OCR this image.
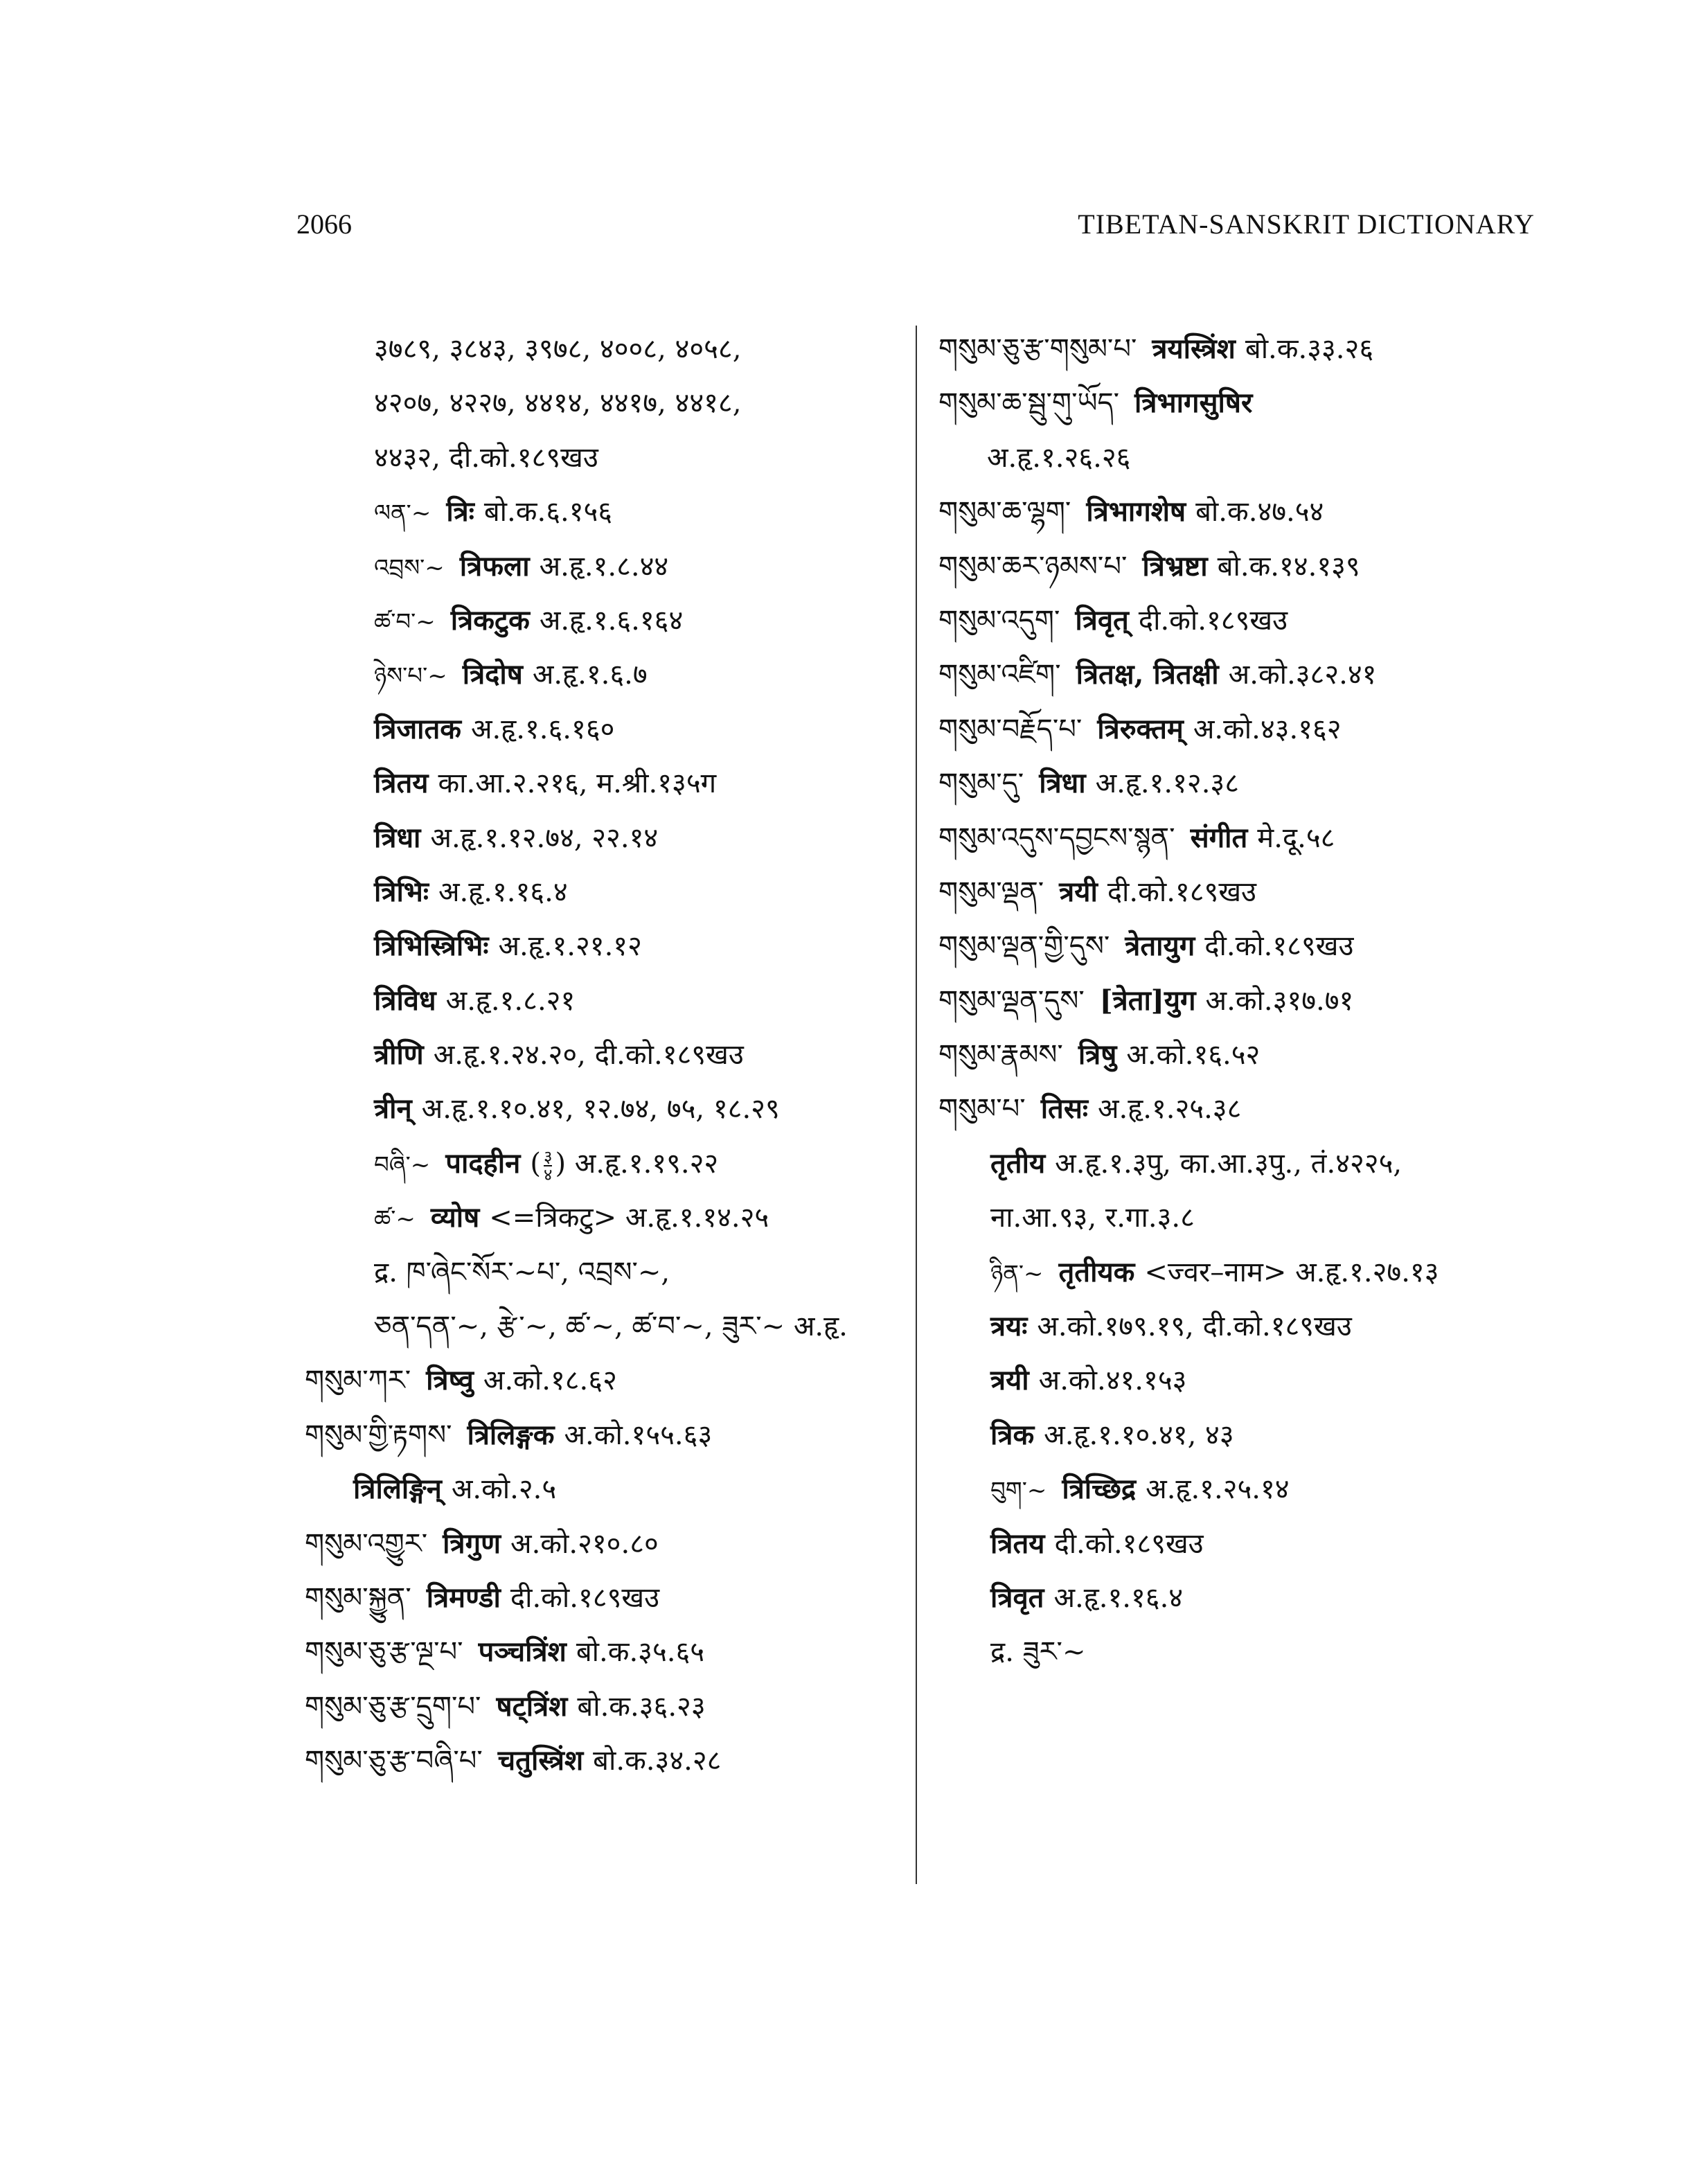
2066	TIBETAN-SANSKRIT DICTIONARY
३७८९, ३८४३, ३९७८, ४००८, ४०५८,
४२०७, ४२२७, ४४१४, ४४१७, ४४१८,
४४३२, दी.को.१८९खउ
ལན་~ त्रिः बो.क.६.१५६
འབྲས་~ त्रिफला अ.हृ.१.८.४४
ཚ་བ་~ त्रिकटुक अ.हृ.१.६.१६४
ཉེས་པ་~ त्रिदोष अ.हृ.१.६.७
त्रिजातक अ.हृ.१.६.१६०
त्रितय का.आ.२.२१६, म.श्री.१३५ग
त्रिधा अ.हृ.१.१२.७४, २२.१४
त्रिभिः अ.हृ.१.१६.४
त्रिभिस्त्रिभिः अ.हृ.१.२१.१२
त्रिविध अ.हृ.१.८.२१
त्रीणि अ.हृ.१.२४.२०, दी.को.१८९खउ
त्रीन् अ.हृ.१.१०.४१, १२.७४, ७५, १८.२९
བཞི་~ पादहीन ( $\frac{३}{४}$ ) अ.हृ.१.१९.२२
ཚ་~ व्योष <=त्रिकटु> अ.हृ.१.१४.२५
द्र. ཁ་ཞེང་སོར་~པ་, འབྲས་~,
ཅན་དན་~, རྩེ་~, ཚ་~, ཚ་བ་~, ཟུར་~ अ.हृ.
གསུམ་ཀར་ त्रिष्वु अ.को.१८.६२
གསུམ་གྱི་རྟགས་ त्रिलिङ्गक अ.को.१५५.६३
त्रिलिङ्गिन् अ.को.२.५
གསུམ་འགྱུར་ त्रिगुण अ.को.२१०.८०
གསུམ་སྐྱུན་ त्रिमण्डी दी.को.१८९खउ
གསུམ་ཅུ་རྩ་ལྔ་པ་ पञ्चत्रिंश बो.क.३५.६५
གསུམ་ཅུ་རྩ་དྲུག་པ་ षट्त्रिंश बो.क.३६.२३
གསུམ་ཅུ་རྩ་བཞི་པ་ चतुस्त्रिंश बो.क.३४.२८
གསུམ་ཅུ་རྩ་གསུམ་པ་ त्रयस्त्रिंश बो.क.३३.२६
གསུམ་ཆ་སྦུ་གུ་ཡོད་ त्रिभागसुषिर
अ.हृ.१.२६.२६
གསུམ་ཆ་ལྷག་ त्रिभागशेष बो.क.४७.५४
གསུམ་ཆར་ཉམས་པ་ त्रिभ्रष्टा बो.क.१४.१३९
གསུམ་འདུག་ त्रिवृत् दी.को.१८९खउ
གསུམ་འཛིག་ त्रितक्ष, त्रितक्षी अ.को.३८२.४१
གསུམ་བརྗོད་པ་ त्रिरुक्तम् अ.को.४३.१६२
གསུམ་དུ་ त्रिधा अ.हृ.१.१२.३८
གསུམ་འདུས་དབྱངས་སྙན་ संगीत मे.दू.५८
གསུམ་ལྡན་ त्रयी दी.को.१८९खउ
གསུམ་ལྡན་གྱི་དུས་ त्रेतायुग दी.को.१८९खउ
གསུམ་ལྡན་དུས་ [त्रेता]युग अ.को.३१७.७१
གསུམ་རྣམས་ त्रिषु अ.को.१६.५२
གསུམ་པ་ तिसः अ.हृ.१.२५.३८
तृतीय अ.हृ.१.३पु, का.आ.३पु., तं.४२२५,
ना.आ.९३, र.गा.३.८
ཉིན་~ तृतीयक <ज्वर–नाम> अ.हृ.१.२७.१३
त्रयः अ.को.१७९.१९, दी.को.१८९खउ
त्रयी अ.को.४१.१५३
त्रिक अ.हृ.१.१०.४१, ४३
བུག་~ त्रिच्छिद्र अ.हृ.१.२५.१४
त्रितय दी.को.१८९खउ
त्रिवृत अ.हृ.१.१६.४
द्र. ཟུར་~
